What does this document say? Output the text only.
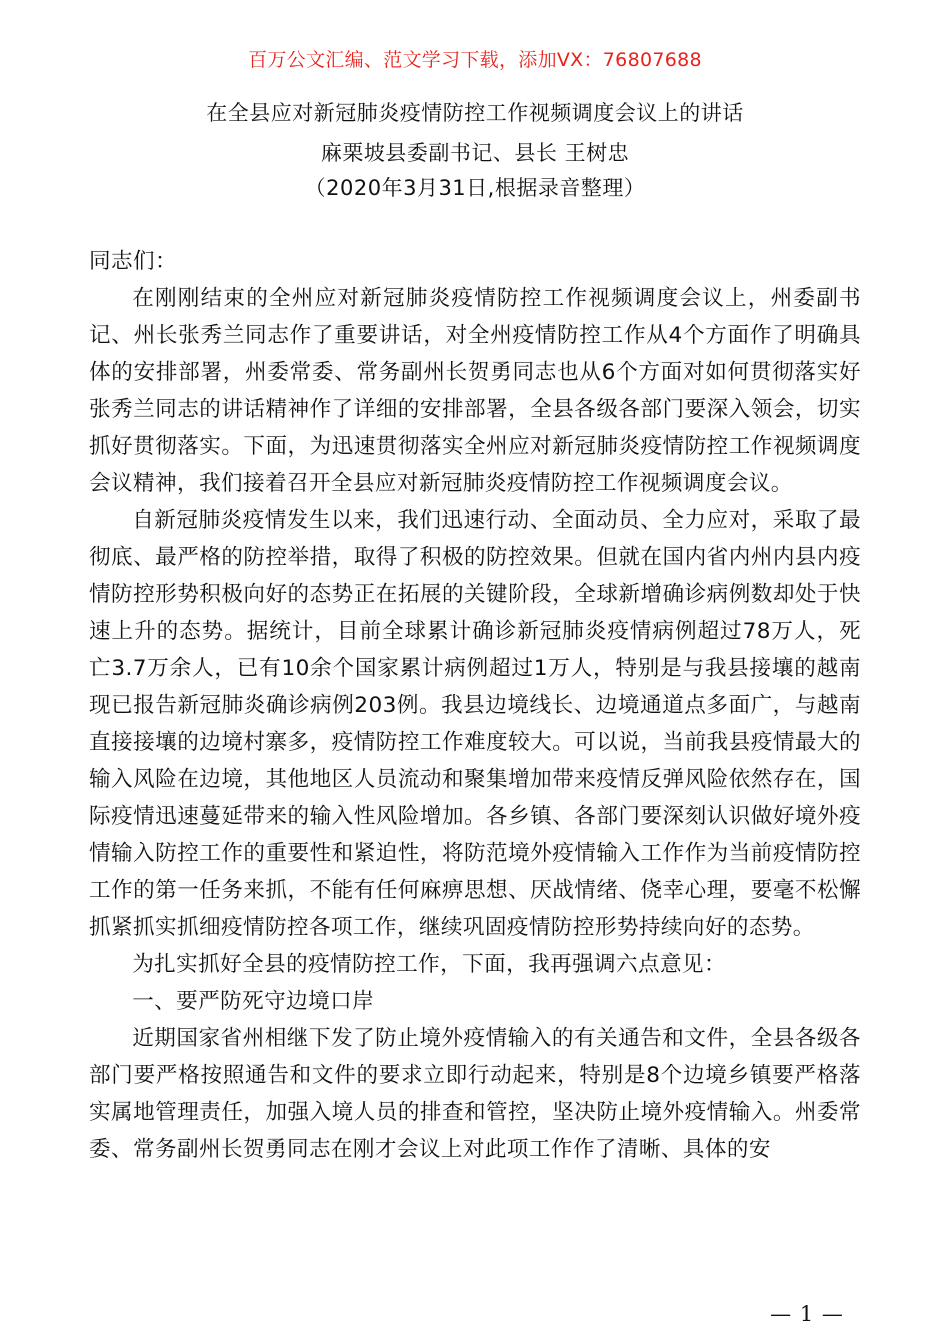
百万公文汇编、范文学习下载，添加VX：76807688
在全县应对新冠肺炎疫情防控工作视频调度会议上的讲话
麻栗坡县委副书记、县长 王树忠
（2020年3月31日,根据录音整理）

同志们：

在刚刚结束的全州应对新冠肺炎疫情防控工作视频调度会议上，州委副书记、州长张秀兰同志作了重要讲话，对全州疫情防控工作从4个方面作了明确具体的安排部署，州委常委、常务副州长贺勇同志也从6个方面对如何贯彻落实好张秀兰同志的讲话精神作了详细的安排部署，全县各级各部门要深入领会，切实抓好贯彻落实。下面，为迅速贯彻落实全州应对新冠肺炎疫情防控工作视频调度会议精神，我们接着召开全县应对新冠肺炎疫情防控工作视频调度会议。

自新冠肺炎疫情发生以来，我们迅速行动、全面动员、全力应对，采取了最彻底、最严格的防控举措，取得了积极的防控效果。但就在国内省内州内县内疫情防控形势积极向好的态势正在拓展的关键阶段，全球新增确诊病例数却处于快速上升的态势。据统计，目前全球累计确诊新冠肺炎疫情病例超过78万人，死亡3.7万余人，已有10余个国家累计病例超过1万人，特别是与我县接壤的越南现已报告新冠肺炎确诊病例203例。我县边境线长、边境通道点多面广，与越南直接接壤的边境村寨多，疫情防控工作难度较大。可以说，当前我县疫情最大的输入风险在边境，其他地区人员流动和聚集增加带来疫情反弹风险依然存在，国际疫情迅速蔓延带来的输入性风险增加。各乡镇、各部门要深刻认识做好境外疫情输入防控工作的重要性和紧迫性，将防范境外疫情输入工作作为当前疫情防控工作的第一任务来抓，不能有任何麻痹思想、厌战情绪、侥幸心理，要毫不松懈抓紧抓实抓细疫情防控各项工作，继续巩固疫情防控形势持续向好的态势。

为扎实抓好全县的疫情防控工作，下面，我再强调六点意见：

一、要严防死守边境口岸

近期国家省州相继下发了防止境外疫情输入的有关通告和文件，全县各级各部门要严格按照通告和文件的要求立即行动起来，特别是8个边境乡镇要严格落实属地管理责任，加强入境人员的排查和管控，坚决防止境外疫情输入。州委常委、常务副州长贺勇同志在刚才会议上对此项工作作了清晰、具体的安

— 1 —
